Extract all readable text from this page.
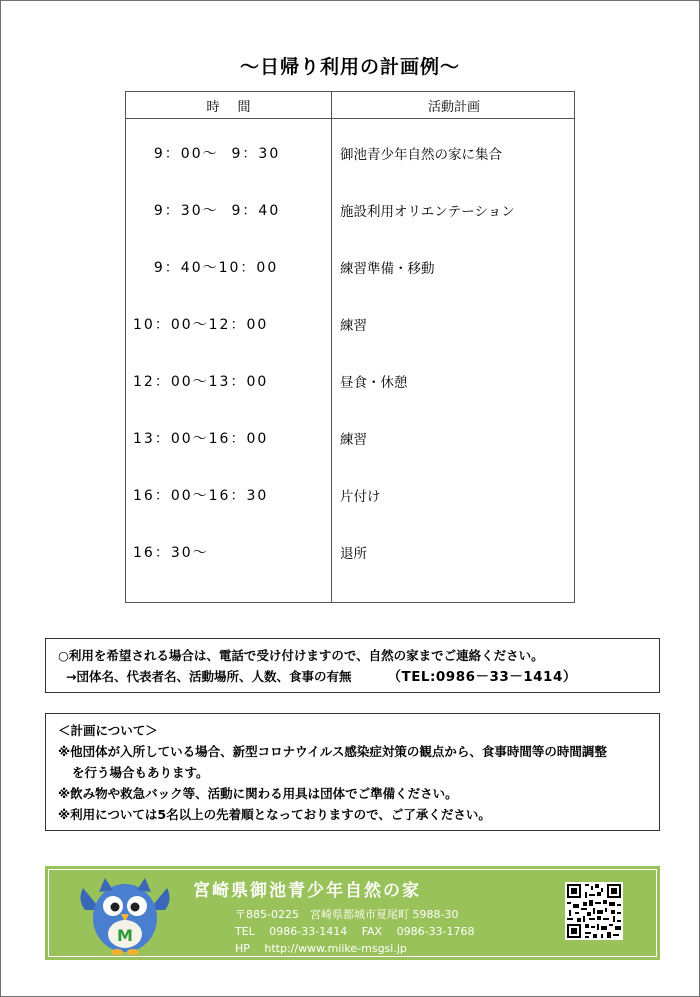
～日帰り利用の計画例～
時間	活動計画
9：00～  9：30	御池青少年自然の家に集合
9：30～  9：40	施設利用オリエンテーション
9：40～10：00	練習準備・移動
10：00～12：00	練習
12：00～13：00	昼食・休憩
13：00～16：00	練習
16：00～16：30	片付け
16：30～	退所
○利用を希望される場合は、電話で受け付けますので、自然の家までご連絡ください。
→団体名、代表者名、活動場所、人数、食事の有無	（TEL:0986－33－1414）
＜計画について＞
※他団体が入所している場合、新型コロナウイルス感染症対策の観点から、食事時間等の時間調整
を行う場合もあります。
※飲み物や救急バック等、活動に関わる用具は団体でご準備ください。
※利用については5名以上の先着順となっておりますので、ご了承ください。
M
宮崎県御池青少年自然の家
〒885-0225　宮崎県都城市夏尾町 5988-30
TEL　 0986-33-1414　 FAX　 0986-33-1768
HP　 http://www.miike-msgsi.jp
